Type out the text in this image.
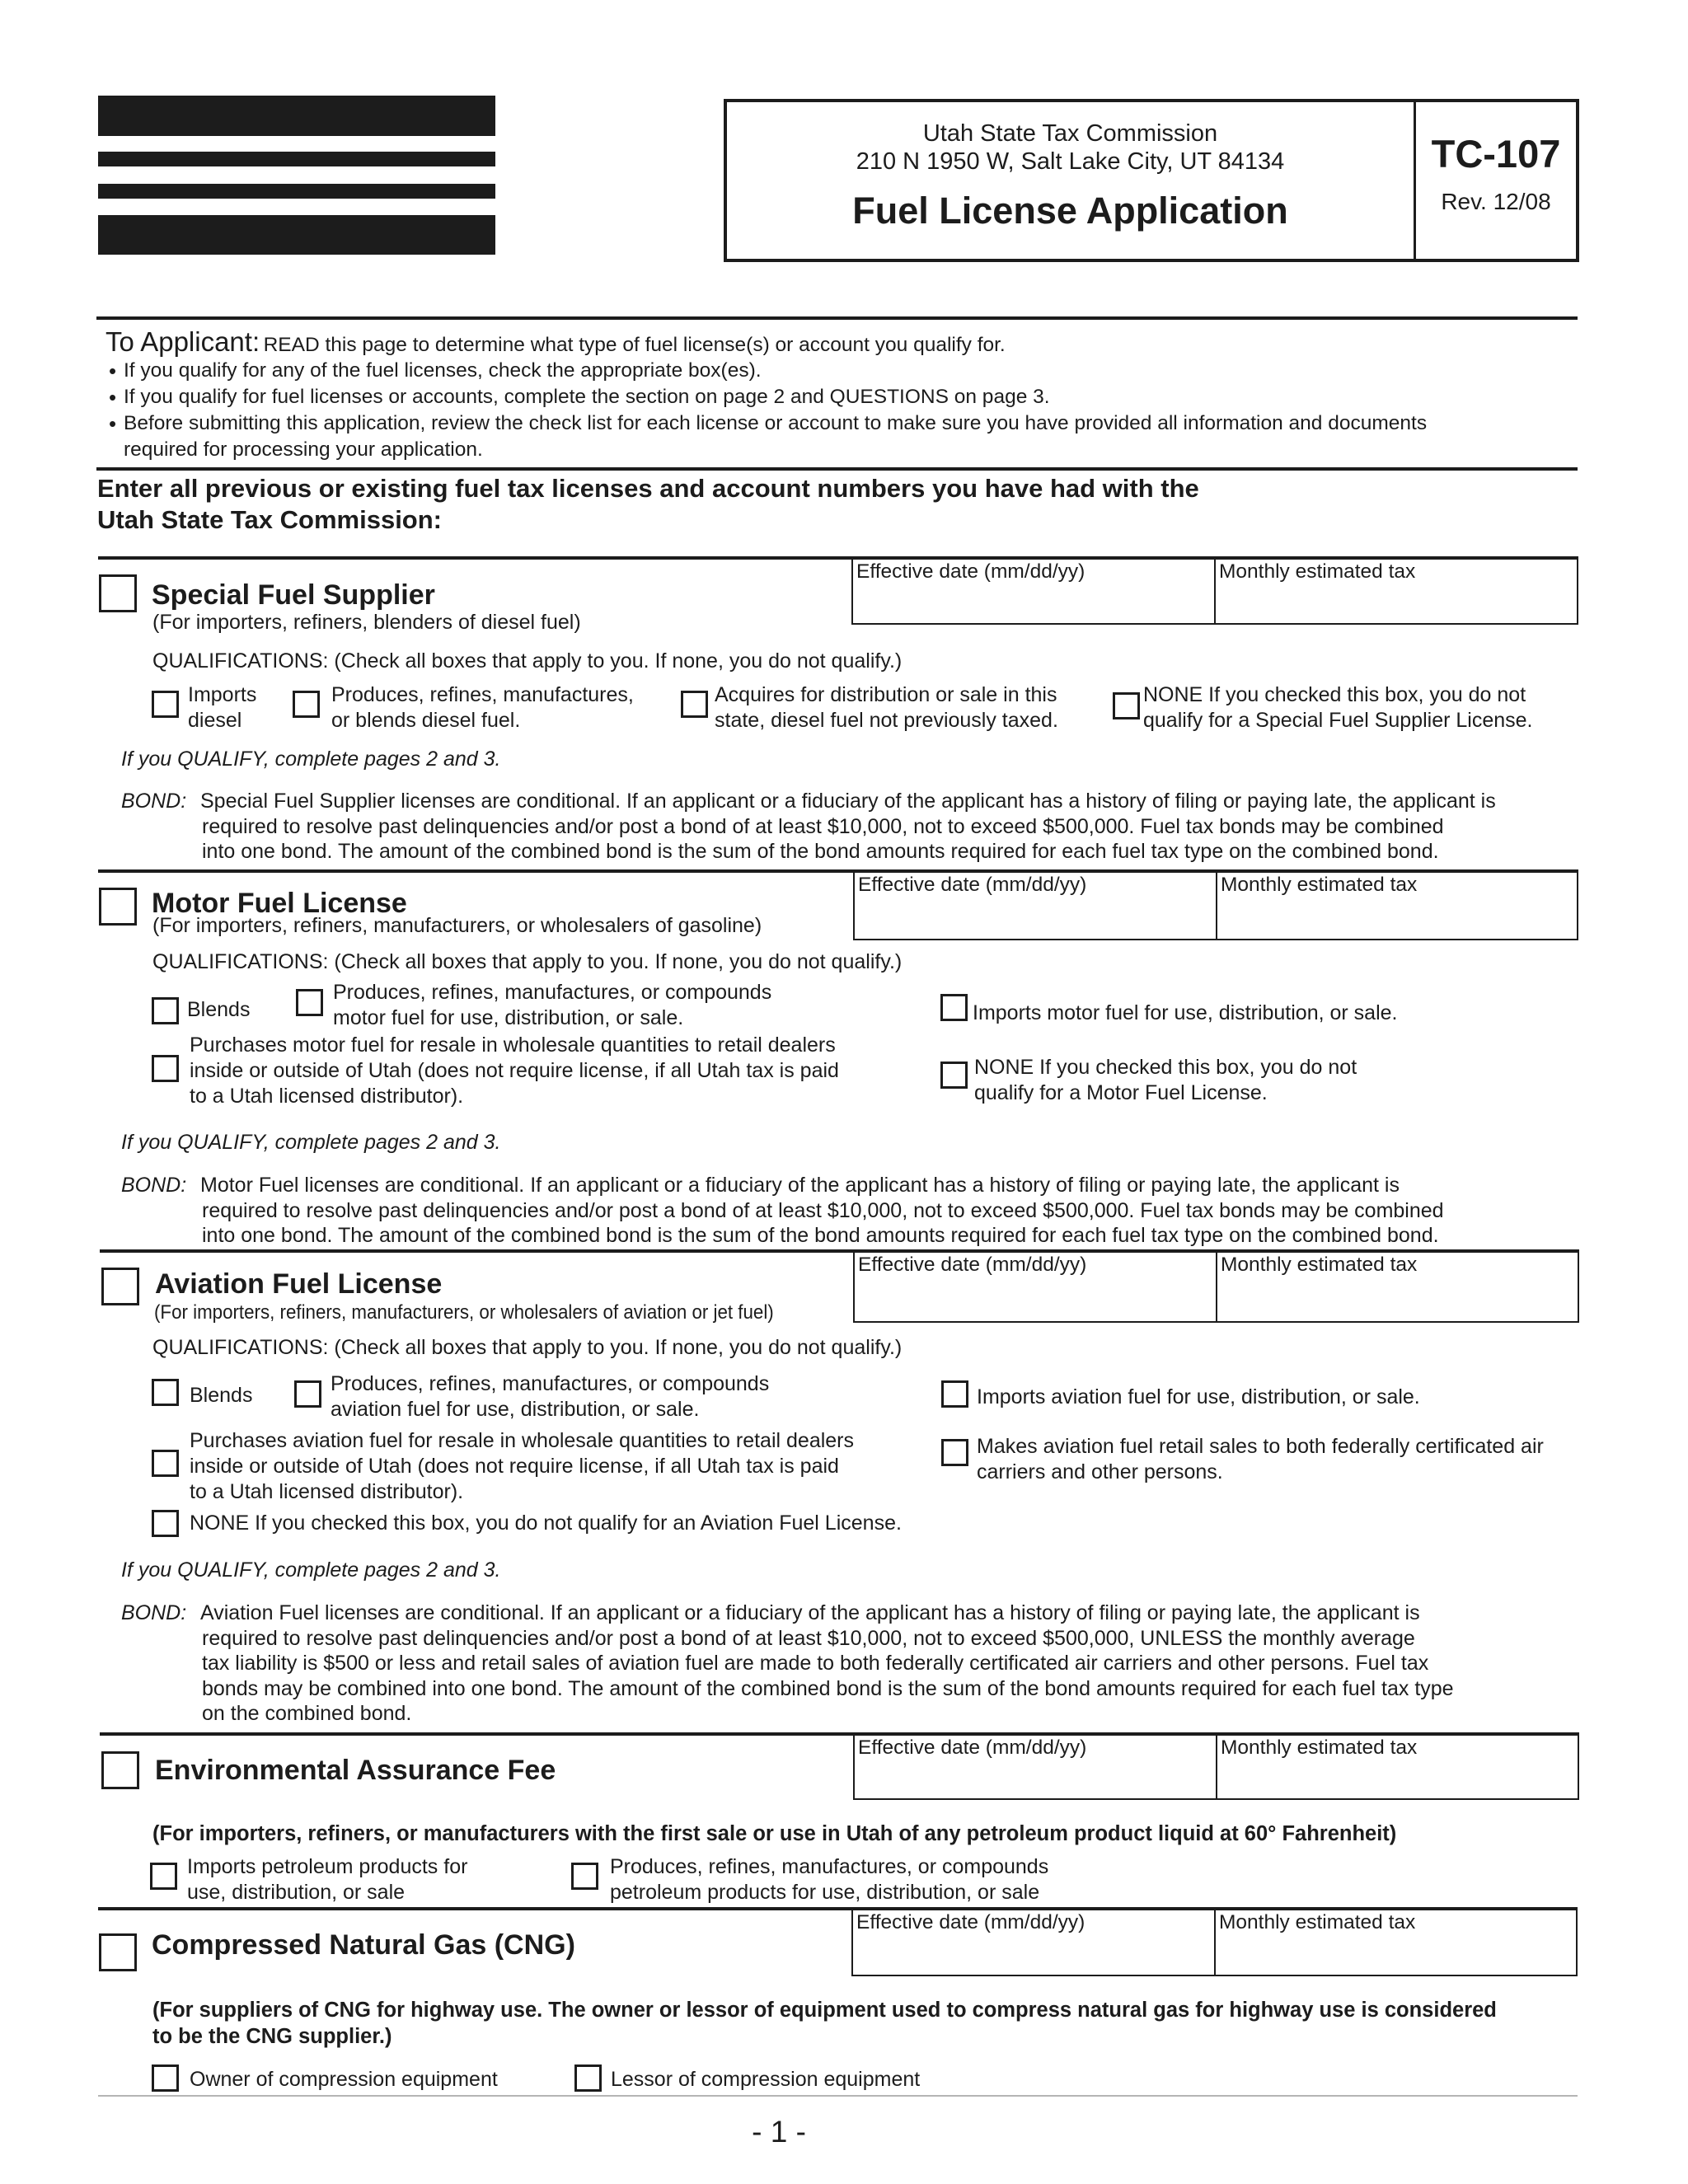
Utah State Tax Commission
210 N 1950 W, Salt Lake City, UT 84134
Fuel License Application
TC-107
Rev. 12/08
To Applicant: READ this page to determine what type of fuel license(s) or account you qualify for.
• If you qualify for any of the fuel licenses, check the appropriate box(es).
• If you qualify for fuel licenses or accounts, complete the section on page 2 and QUESTIONS on page 3.
• Before submitting this application, review the check list for each license or account to make sure you have provided all information and documents
required for processing your application.
Enter all previous or existing fuel tax licenses and account numbers you have had with the
Utah State Tax Commission:
Special Fuel Supplier
(For importers, refiners, blenders of diesel fuel)
Effective date (mm/dd/yy)	Monthly estimated tax
QUALIFICATIONS: (Check all boxes that apply to you. If none, you do not qualify.)
Imports
diesel
Produces, refines, manufactures,
or blends diesel fuel.
Acquires for distribution or sale in this
state, diesel fuel not previously taxed.
NONE If you checked this box, you do not
qualify for a Special Fuel Supplier License.
If you QUALIFY, complete pages 2 and 3.
BOND: Special Fuel Supplier licenses are conditional. If an applicant or a fiduciary of the applicant has a history of filing or paying late, the applicant is
required to resolve past delinquencies and/or post a bond of at least $10,000, not to exceed $500,000. Fuel tax bonds may be combined
into one bond. The amount of the combined bond is the sum of the bond amounts required for each fuel tax type on the combined bond.
Motor Fuel License
(For importers, refiners, manufacturers, or wholesalers of gasoline)
Effective date (mm/dd/yy)	Monthly estimated tax
QUALIFICATIONS: (Check all boxes that apply to you. If none, you do not qualify.)
Blends
Produces, refines, manufactures, or compounds
motor fuel for use, distribution, or sale.	Imports motor fuel for use, distribution, or sale.
Purchases motor fuel for resale in wholesale quantities to retail dealers
inside or outside of Utah (does not require license, if all Utah tax is paid
to a Utah licensed distributor).
NONE If you checked this box, you do not
qualify for a Motor Fuel License.
If you QUALIFY, complete pages 2 and 3.
BOND: Motor Fuel licenses are conditional. If an applicant or a fiduciary of the applicant has a history of filing or paying late, the applicant is
required to resolve past delinquencies and/or post a bond of at least $10,000, not to exceed $500,000. Fuel tax bonds may be combined
into one bond. The amount of the combined bond is the sum of the bond amounts required for each fuel tax type on the combined bond.
Aviation Fuel License
(For importers, refiners, manufacturers, or wholesalers of aviation or jet fuel)
Effective date (mm/dd/yy)	Monthly estimated tax
QUALIFICATIONS: (Check all boxes that apply to you. If none, you do not qualify.)
Blends	Produces, refines, manufactures, or compounds
aviation fuel for use, distribution, or sale.
Imports aviation fuel for use, distribution, or sale.
Purchases aviation fuel for resale in wholesale quantities to retail dealers
inside or outside of Utah (does not require license, if all Utah tax is paid
to a Utah licensed distributor).
Makes aviation fuel retail sales to both federally certificated air
carriers and other persons.
NONE If you checked this box, you do not qualify for an Aviation Fuel License.
If you QUALIFY, complete pages 2 and 3.
BOND: Aviation Fuel licenses are conditional. If an applicant or a fiduciary of the applicant has a history of filing or paying late, the applicant is
required to resolve past delinquencies and/or post a bond of at least $10,000, not to exceed $500,000, UNLESS the monthly average
tax liability is $500 or less and retail sales of aviation fuel are made to both federally certificated air carriers and other persons. Fuel tax
bonds may be combined into one bond. The amount of the combined bond is the sum of the bond amounts required for each fuel tax type
on the combined bond.
Environmental Assurance Fee
Effective date (mm/dd/yy)	Monthly estimated tax
(For importers, refiners, or manufacturers with the first sale or use in Utah of any petroleum product liquid at 60° Fahrenheit)
Imports petroleum products for
use, distribution, or sale
Produces, refines, manufactures, or compounds
petroleum products for use, distribution, or sale
Compressed Natural Gas (CNG)
Effective date (mm/dd/yy)	Monthly estimated tax
(For suppliers of CNG for highway use. The owner or lessor of equipment used to compress natural gas for highway use is considered
to be the CNG supplier.)
Owner of compression equipment	Lessor of compression equipment
- 1 -
